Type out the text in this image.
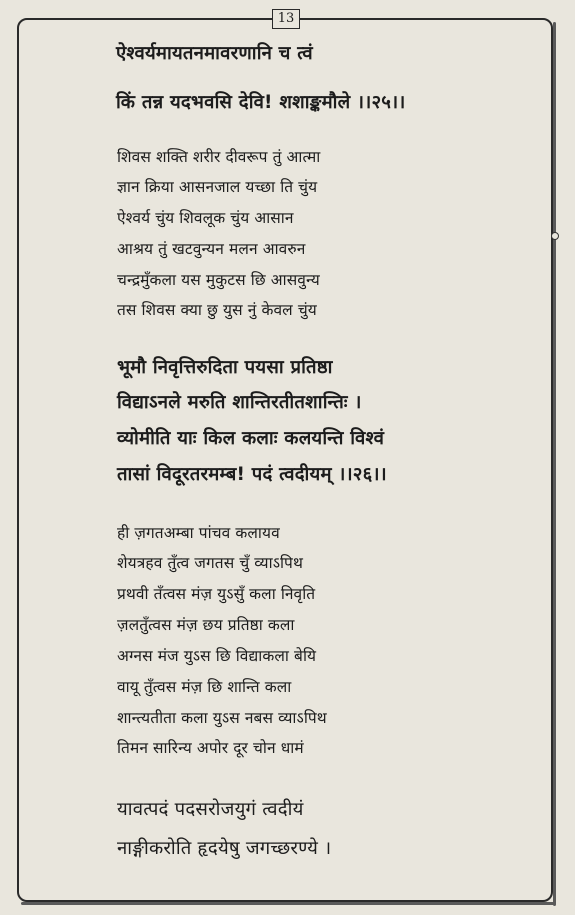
13
ऐश्वर्यमायतनमावरणानि च त्वं
किं तन्न यदभवसि देवि! शशाङ्कमौले ।।२५।।
शिवस शक्ति शरीर दीवरूप तुं आत्मा
ज्ञान क्रिया आसनजाल यच्छा ति चुंय
ऐश्वर्य चुंय शिवलूक चुंय आसान
आश्रय तुं खटवुन्यन मलन आवरुन
चन्द्रमुँकला यस मुकुटस छि आसवुन्य
तस शिवस क्या छु युस नुं केवल चुंय
भूमौ निवृत्तिरुदिता पयसा प्रतिष्ठा
विद्याऽनले मरुति शान्तिरतीतशान्तिः ।
व्योमीति याः किल कलाः कलयन्ति विश्वं
तासां विदूरतरमम्ब! पदं त्वदीयम् ।।२६।।
ही ज़गतअम्बा पांचव कलायव
शेयत्रहव तुँत्व जगतस चुँ व्याऽपिथ
प्रथवी तँत्वस मंज़ युऽसुँ कला निवृति
ज़लतुँत्वस मंज़ छय प्रतिष्ठा कला
अग्नस मंज युऽस छि विद्याकला बेयि
वायू तुँत्वस मंज़ छि शान्ति कला
शान्त्यतीता कला युऽस नबस व्याऽपिथ
तिमन सारिन्य अपोर दूर चोन धामं
यावत्पदं पदसरोजयुगं त्वदीयं
नाङ्गीकरोति हृदयेषु जगच्छरण्ये ।
